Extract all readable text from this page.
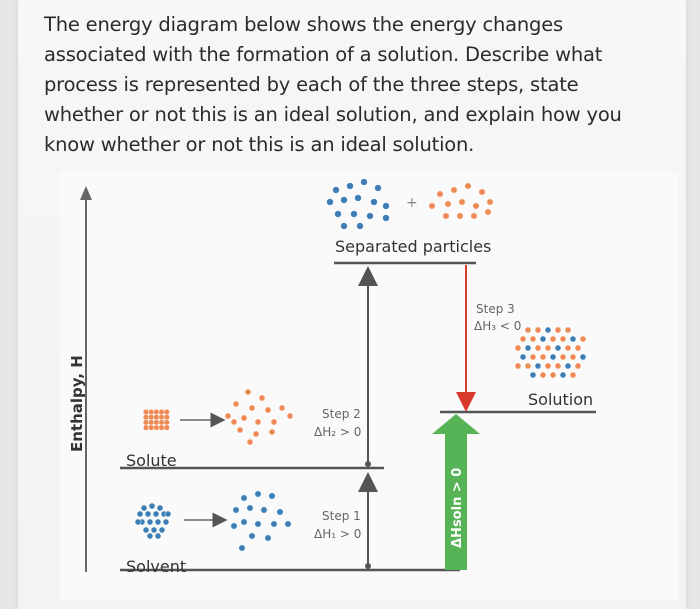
The energy diagram below shows the energy changes associated with the formation of a solution. Describe what process is represented by each of the three steps, state whether or not this is an ideal solution, and explain how you know whether or not this is an ideal solution.

Enthalpy, H
Separated particles
Solute
Solvent
Solution
Step 1
ΔH₁ > 0
Step 2
ΔH₂ > 0
Step 3
ΔH₃ < 0
ΔHsoln > 0
+
